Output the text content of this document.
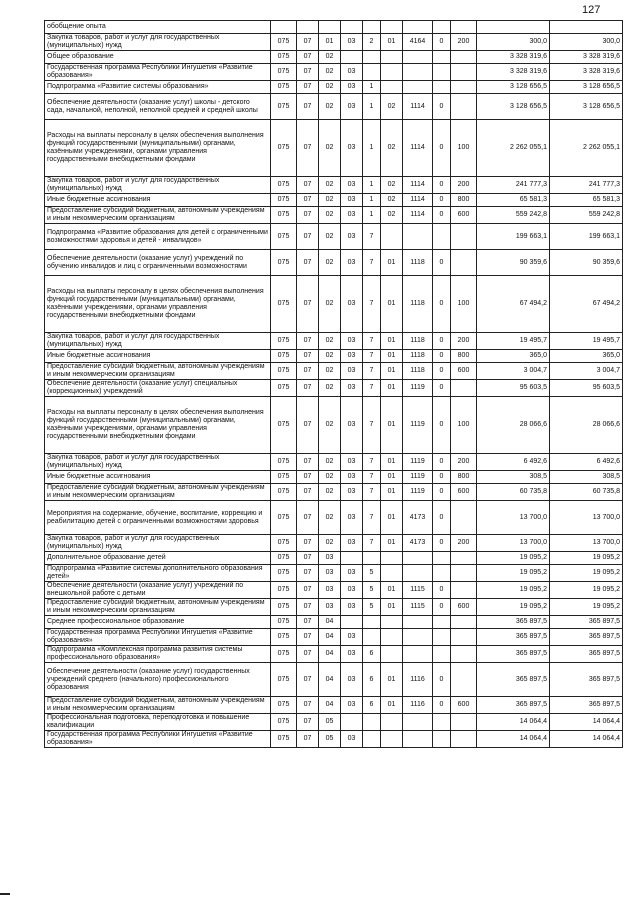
127
обобщение опыта											
Закупка товаров, работ и услуг для государственных (муниципальных) нужд	075	07	01	03	2	01	4164	0	200	300,0	300,0
Общее образование	075	07	02							3 328 319,6	3 328 319,6
Государственная программа Республики Ингушетия «Развитие образования»	075	07	02	03						3 328 319,6	3 328 319,6
Подпрограмма «Развитие системы образования»	075	07	02	03	1					3 128 656,5	3 128 656,5
Обеспечение деятельности (оказание услуг) школы - детского сада, начальной, неполной, неполной средней и средней школы	075	07	02	03	1	02	1114	0		3 128 656,5	3 128 656,5
Расходы на выплаты персоналу в целях обеспечения выполнения функций государственными (муниципальными) органами, казёнными учреждениями, органами управления государственными внебюджетными фондами	075	07	02	03	1	02	1114	0	100	2 262 055,1	2 262 055,1
Закупка товаров, работ и услуг для государственных (муниципальных) нужд	075	07	02	03	1	02	1114	0	200	241 777,3	241 777,3
Иные бюджетные ассигнования	075	07	02	03	1	02	1114	0	800	65 581,3	65 581,3
Предоставление субсидий бюджетным, автономным учреждениям и иным некоммерческим организациям	075	07	02	03	1	02	1114	0	600	559 242,8	559 242,8
Подпрограмма «Развитие образования для детей с ограниченными возможностями здоровья и детей - инвалидов»	075	07	02	03	7					199 663,1	199 663,1
Обеспечение деятельности (оказание услуг) учреждений по обучению инвалидов и лиц с ограниченными возможностями	075	07	02	03	7	01	1118	0		90 359,6	90 359,6
Расходы на выплаты персоналу в целях обеспечения выполнения функций государственными (муниципальными) органами, казёнными учреждениями, органами управления государственными внебюджетными фондами	075	07	02	03	7	01	1118	0	100	67 494,2	67 494,2
Закупка товаров, работ и услуг для государственных (муниципальных) нужд	075	07	02	03	7	01	1118	0	200	19 495,7	19 495,7
Иные бюджетные ассигнования	075	07	02	03	7	01	1118	0	800	365,0	365,0
Предоставление субсидий бюджетным, автономным учреждениям и иным некоммерческим организациям	075	07	02	03	7	01	1118	0	600	3 004,7	3 004,7
Обеспечение деятельности (оказание услуг) специальных (коррекционных) учреждений	075	07	02	03	7	01	1119	0		95 603,5	95 603,5
Расходы на выплаты персоналу в целях обеспечения выполнения функций государственными (муниципальными) органами, казёнными учреждениями, органами управления государственными внебюджетными фондами	075	07	02	03	7	01	1119	0	100	28 066,6	28 066,6
Закупка товаров, работ и услуг для государственных (муниципальных) нужд	075	07	02	03	7	01	1119	0	200	6 492,6	6 492,6
Иные бюджетные ассигнования	075	07	02	03	7	01	1119	0	800	308,5	308,5
Предоставление субсидий бюджетным, автономным учреждениям и иным некоммерческим организациям	075	07	02	03	7	01	1119	0	600	60 735,8	60 735,8
Мероприятия на содержание, обучение, воспитание, коррекцию и реабилитацию детей с ограниченными возможностями здоровья	075	07	02	03	7	01	4173	0		13 700,0	13 700,0
Закупка товаров, работ и услуг для государственных (муниципальных) нужд	075	07	02	03	7	01	4173	0	200	13 700,0	13 700,0
Дополнительное образование детей	075	07	03							19 095,2	19 095,2
Подпрограмма «Развитие системы дополнительного образования детей»	075	07	03	03	5					19 095,2	19 095,2
Обеспечение деятельности (оказание услуг) учреждений по внешкольной работе с детьми	075	07	03	03	5	01	1115	0		19 095,2	19 095,2
Предоставление субсидий бюджетным, автономным учреждениям и иным некоммерческим организациям	075	07	03	03	5	01	1115	0	600	19 095,2	19 095,2
Среднее профессиональное образование	075	07	04							365 897,5	365 897,5
Государственная программа Республики Ингушетия «Развитие образования»	075	07	04	03						365 897,5	365 897,5
Подпрограмма «Комплексная программа развития системы профессионального образования»	075	07	04	03	6					365 897,5	365 897,5
Обеспечение деятельности (оказание услуг) государственных учреждений среднего (начального) профессионального образования	075	07	04	03	6	01	1116	0		365 897,5	365 897,5
Предоставление субсидий бюджетным, автономным учреждениям и иным некоммерческим организациям	075	07	04	03	6	01	1116	0	600	365 897,5	365 897,5
Профессиональная подготовка, переподготовка и повышение квалификации	075	07	05							14 064,4	14 064,4
Государственная программа Республики Ингушетия «Развитие образования»	075	07	05	03						14 064,4	14 064,4
